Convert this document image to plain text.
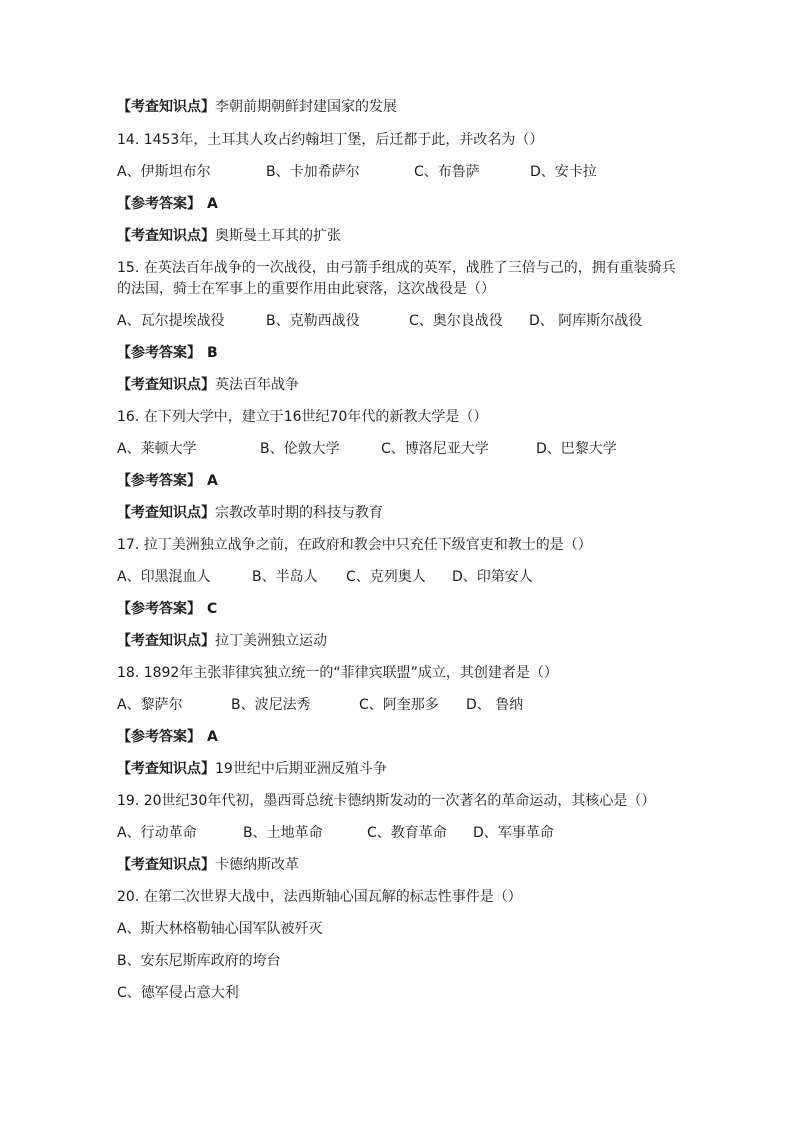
【考查知识点】李朝前期朝鲜封建国家的发展
14. 1453年，土耳其人攻占约翰坦丁堡，后迁都于此，并改名为（）
A、伊斯坦布尔	B、卡加希萨尔	C、布鲁萨	D、安卡拉
【参考答案】 A
【考查知识点】奥斯曼土耳其的扩张
15. 在英法百年战争的一次战役，由弓箭手组成的英军，战胜了三倍与己的，拥有重装骑兵
的法国，骑士在军事上的重要作用由此衰落，这次战役是（）
A、瓦尔提埃战役	B、克勒西战役	C、奥尔良战役 D、 阿库斯尔战役
【参考答案】 B
【考查知识点】英法百年战争
16. 在下列大学中，建立于16世纪70年代的新教大学是（）
A、莱顿大学	B、伦敦大学	C、博洛尼亚大学	D、巴黎大学
【参考答案】 A
【考查知识点】宗教改革时期的科技与教育
17. 拉丁美洲独立战争之前，在政府和教会中只充任下级官吏和教士的是（）
A、印黑混血人	B、半岛人 C、克列奥人 D、印第安人
【参考答案】 C
【考查知识点】拉丁美洲独立运动
18. 1892年主张菲律宾独立统一的“菲律宾联盟”成立，其创建者是（）
A、黎萨尔	B、波尼法秀	C、阿奎那多 D、 鲁纳
【参考答案】 A
【考查知识点】19世纪中后期亚洲反殖斗争
19. 20世纪30年代初，墨西哥总统卡德纳斯发动的一次著名的革命运动，其核心是（）
A、行动革命	B、土地革命	C、教育革命 D、军事革命
【考查知识点】卡德纳斯改革
20. 在第二次世界大战中，法西斯轴心国瓦解的标志性事件是（）
A、斯大林格勒轴心国军队被歼灭
B、安东尼斯库政府的垮台
C、德军侵占意大利
